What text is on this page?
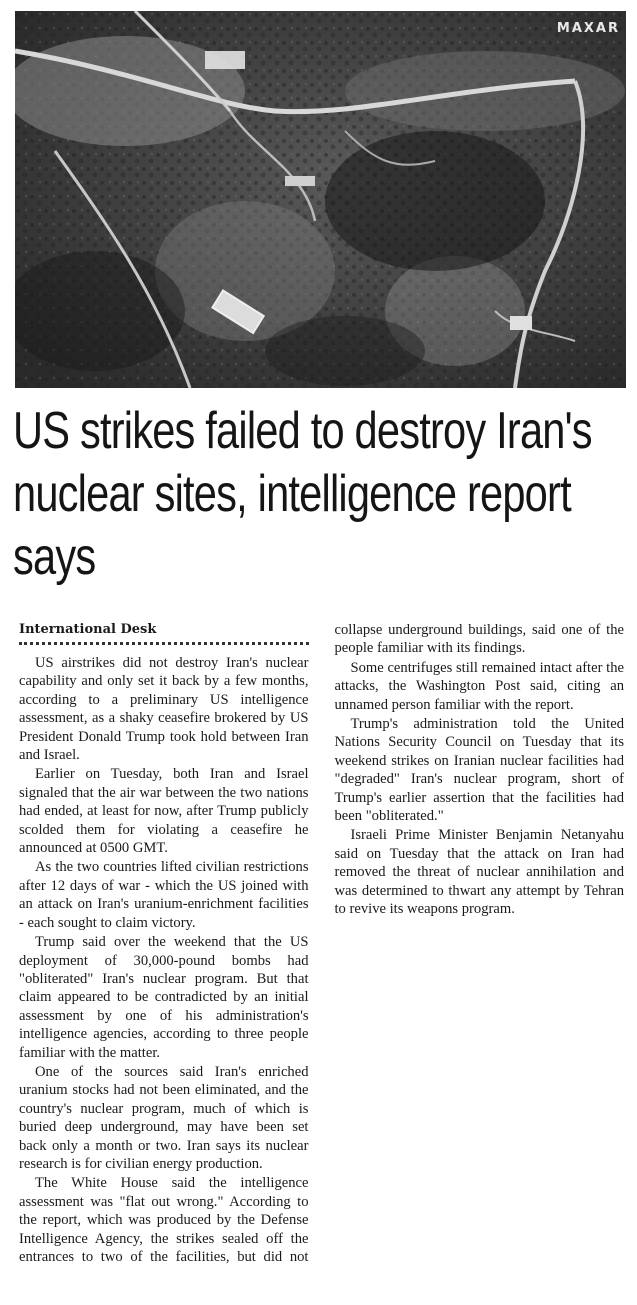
MAXAR
US strikes failed to destroy Iran's nuclear sites, intelligence report says
International Desk

US airstrikes did not destroy Iran's nuclear capability and only set it back by a few months, according to a preliminary US intelligence assessment, as a shaky ceasefire brokered by US President Donald Trump took hold between Iran and Israel.

Earlier on Tuesday, both Iran and Israel signaled that the air war between the two nations had ended, at least for now, after Trump publicly scolded them for violating a ceasefire he announced at 0500 GMT.

As the two countries lifted civilian restrictions after 12 days of war - which the US joined with an attack on Iran's uranium-enrichment facilities - each sought to claim victory.

Trump said over the weekend that the US deployment of 30,000-pound bombs had "obliterated" Iran's nuclear program. But that claim appeared to be contradicted by an initial assessment by one of his administration's intelligence agencies, according to three people familiar with the matter.

One of the sources said Iran's enriched uranium stocks had not been eliminated, and the country's nuclear program, much of which is buried deep underground, may have been set back only a month or two. Iran says its nuclear research is for civilian energy production.

The White House said the intelligence assessment was "flat out wrong." According to the report, which was produced by the Defense Intelligence Agency, the strikes sealed off the entrances to two of the facilities, but did not collapse underground buildings, said one of the people familiar with its findings.

Some centrifuges still remained intact after the attacks, the Washington Post said, citing an unnamed person familiar with the report.

Trump's administration told the United Nations Security Council on Tuesday that its weekend strikes on Iranian nuclear facilities had "degraded" Iran's nuclear program, short of Trump's earlier assertion that the facilities had been "obliterated."

Israeli Prime Minister Benjamin Netanyahu said on Tuesday that the attack on Iran had removed the threat of nuclear annihilation and was determined to thwart any attempt by Tehran to revive its weapons program.
